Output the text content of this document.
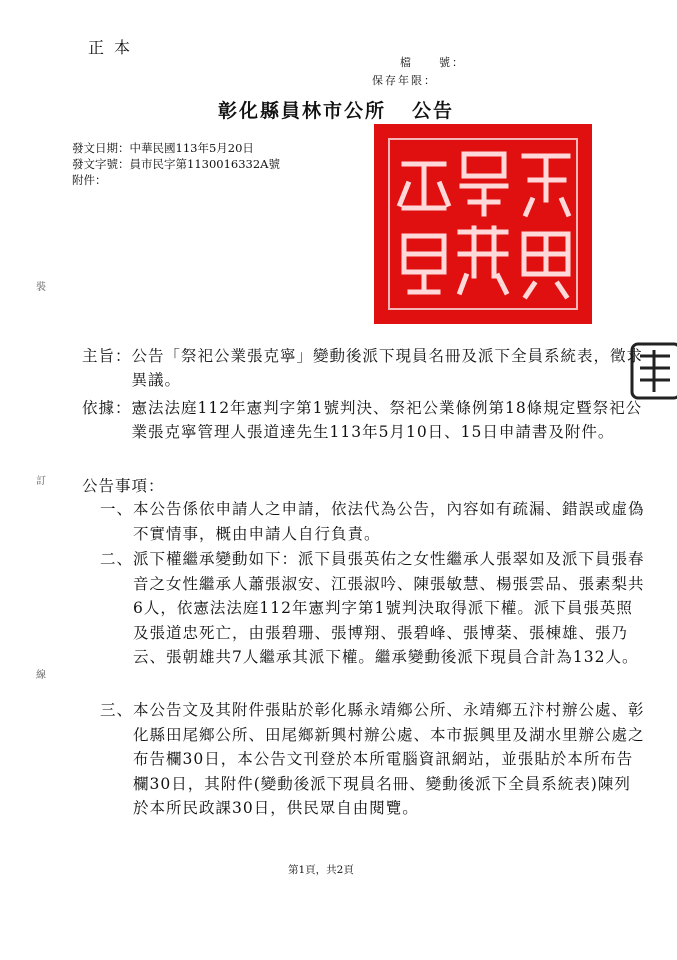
正本
檔　　號：
保存年限：
彰化縣員林市公所 公告
發文日期：中華民國113年5月20日
發文字號：員市民字第1130016332A號
附件：
裝
訂
線
主旨： 公告「祭祀公業張克寧」變動後派下現員名冊及派下全員系統表，徵求異議。
依據： 憲法法庭112年憲判字第1號判決、祭祀公業條例第18條規定暨祭祀公業張克寧管理人張道達先生113年5月10日、15日申請書及附件。
公告事項：
一、 本公告係依申請人之申請，依法代為公告，內容如有疏漏、錯誤或虛偽不實情事，概由申請人自行負責。
二、 派下權繼承變動如下：派下員張英佑之女性繼承人張翠如及派下員張春音之女性繼承人蕭張淑安、江張淑吟、陳張敏慧、楊張雲品、張素梨共6人，依憲法法庭112年憲判字第1號判決取得派下權。派下員張英照及張道忠死亡，由張碧珊、張博翔、張碧峰、張博棻、張棟雄、張乃云、張朝雄共7人繼承其派下權。繼承變動後派下現員合計為132人。
三、 本公告文及其附件張貼於彰化縣永靖鄉公所、永靖鄉五汴村辦公處、彰化縣田尾鄉公所、田尾鄉新興村辦公處、本市振興里及湖水里辦公處之布告欄30日，本公告文刊登於本所電腦資訊網站，並張貼於本所布告欄30日，其附件(變動後派下現員名冊、變動後派下全員系統表)陳列於本所民政課30日，供民眾自由閱覽。
第1頁，共2頁
